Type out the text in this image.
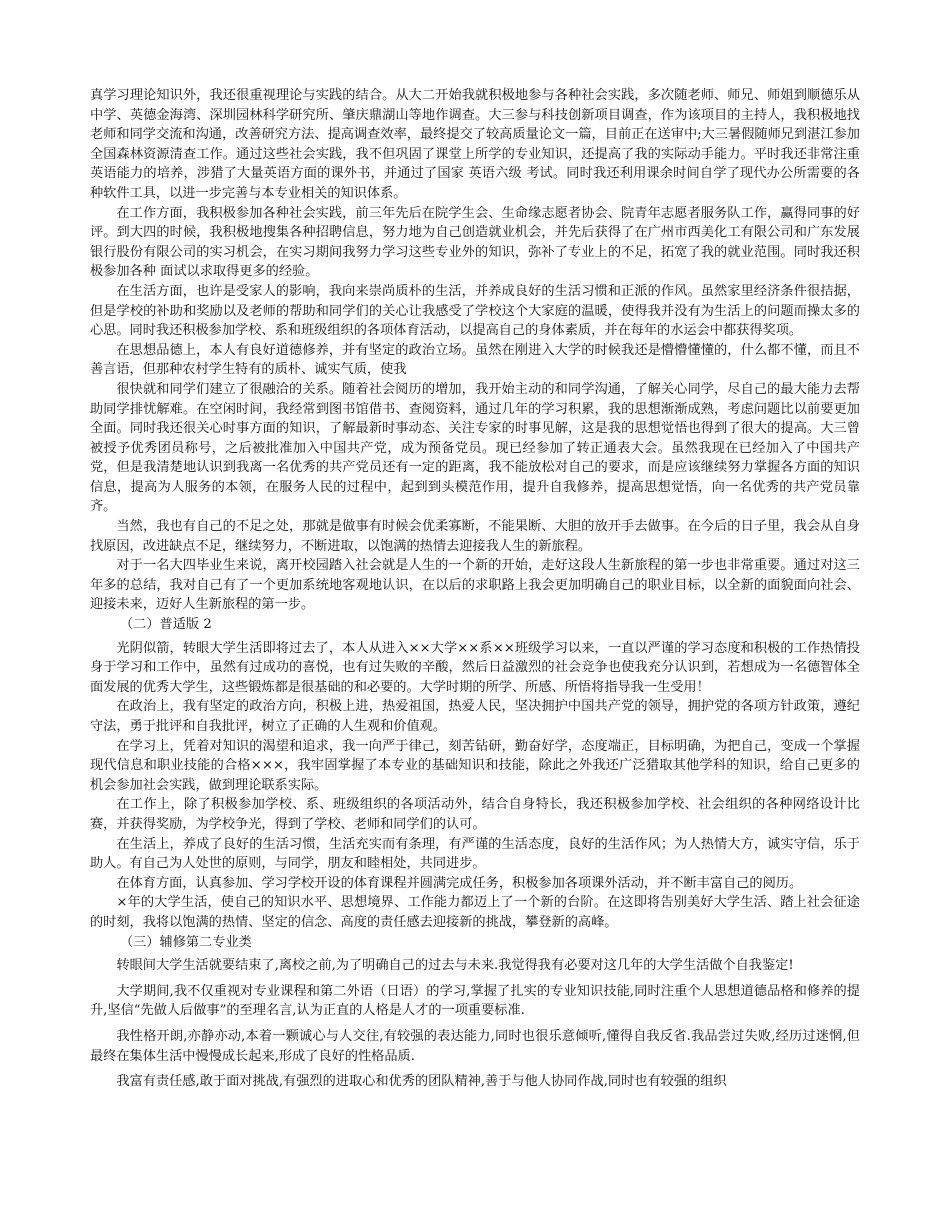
真学习理论知识外，我还很重视理论与实践的结合。从大二开始我就积极地参与各种社会实践，多次随老师、师兄、师姐到顺德乐从中学、英德金海湾、深圳园林科学研究所、肇庆鼎湖山等地作调查。大三参与科技创新项目调查，作为该项目的主持人，我积极地找老师和同学交流和沟通，改善研究方法、提高调查效率，最终提交了较高质量论文一篇，目前正在送审中;大三暑假随师兄到湛江参加全国森林资源清查工作。通过这些社会实践，我不但巩固了课堂上所学的专业知识，还提高了我的实际动手能力。平时我还非常注重 英语能力的培养，涉猎了大量英语方面的课外书，并通过了国家 英语六级 考试。同时我还利用课余时间自学了现代办公所需要的各种软件工具，以进一步完善与本专业相关的知识体系。

在工作方面，我积极参加各种社会实践，前三年先后在院学生会、生命缘志愿者协会、院青年志愿者服务队工作，赢得同事的好评。到大四的时候，我积极地搜集各种招聘信息，努力地为自己创造就业机会，并先后获得了在广州市西美化工有限公司和广东发展银行股份有限公司的实习机会，在实习期间我努力学习这些专业外的知识，弥补了专业上的不足，拓宽了我的就业范围。同时我还积极参加各种 面试以求取得更多的经验。

在生活方面，也许是受家人的影响，我向来崇尚质朴的生活，并养成良好的生活习惯和正派的作风。虽然家里经济条件很拮据，但是学校的补助和奖励以及老师的帮助和同学们的关心让我感受了学校这个大家庭的温暖，使得我并没有为生活上的问题而操太多的心思。同时我还积极参加学校、系和班级组织的各项体育活动，以提高自己的身体素质，并在每年的水运会中都获得奖项。

在思想品德上，本人有良好道德修养，并有坚定的政治立场。虽然在刚进入大学的时候我还是懵懵懂懂的，什么都不懂，而且不善言语，但那种农村学生特有的质朴、诚实气质，使我

很快就和同学们建立了很融洽的关系。随着社会阅历的增加，我开始主动的和同学沟通，了解关心同学，尽自己的最大能力去帮助同学排忧解难。在空闲时间，我经常到图书馆借书、查阅资料，通过几年的学习积累，我的思想渐渐成熟，考虑问题比以前要更加全面。同时我还很关心时事方面的知识，了解最新时事动态、关注专家的时事见解，这是我的思想觉悟也得到了很大的提高。大三曾被授予优秀团员称号，之后被批准加入中国共产党，成为预备党员。现已经参加了转正通表大会。虽然我现在已经加入了中国共产党，但是我清楚地认识到我离一名优秀的共产党员还有一定的距离，我不能放松对自己的要求，而是应该继续努力掌握各方面的知识信息，提高为人服务的本领，在服务人民的过程中，起到到头模范作用，提升自我修养，提高思想觉悟，向一名优秀的共产党员靠齐。

当然，我也有自己的不足之处，那就是做事有时候会优柔寡断，不能果断、大胆的放开手去做事。在今后的日子里，我会从自身找原因，改进缺点不足，继续努力，不断进取，以饱满的热情去迎接我人生的新旅程。

对于一名大四毕业生来说，离开校园踏入社会就是人生的一个新的开始，走好这段人生新旅程的第一步也非常重要。通过对这三年多的总结，我对自己有了一个更加系统地客观地认识，在以后的求职路上我会更加明确自己的职业目标，以全新的面貌面向社会、迎接未来，迈好人生新旅程的第一步。

（二）普适版 2

光阴似箭，转眼大学生活即将过去了，本人从进入××大学××系××班级学习以来，一直以严谨的学习态度和积极的工作热情投身于学习和工作中，虽然有过成功的喜悦，也有过失败的辛酸，然后日益激烈的社会竞争也使我充分认识到，若想成为一名德智体全面发展的优秀大学生，这些锻炼都是很基础的和必要的。大学时期的所学、所感、所悟将指导我一生受用！

在政治上，我有坚定的政治方向，积极上进，热爱祖国，热爱人民，坚决拥护中国共产党的领导，拥护党的各项方针政策，遵纪守法，勇于批评和自我批评，树立了正确的人生观和价值观。

在学习上，凭着对知识的渴望和追求，我一向严于律己，刻苦钻研，勤奋好学，态度端正，目标明确，为把自己，变成一个掌握现代信息和职业技能的合格×××，我牢固掌握了本专业的基础知识和技能，除此之外我还广泛猎取其他学科的知识，给自己更多的机会参加社会实践，做到理论联系实际。

在工作上，除了积极参加学校、系、班级组织的各项活动外，结合自身特长，我还积极参加学校、社会组织的各种网络设计比赛，并获得奖励，为学校争光，得到了学校、老师和同学们的认可。

在生活上，养成了良好的生活习惯，生活充实而有条理，有严谨的生活态度，良好的生活作风；为人热情大方，诚实守信，乐于助人。有自己为人处世的原则，与同学，朋友和睦相处，共同进步。

在体育方面，认真参加、学习学校开设的体育课程并圆满完成任务，积极参加各项课外活动，并不断丰富自己的阅历。

×年的大学生活，使自己的知识水平、思想境界、工作能力都迈上了一个新的台阶。在这即将告别美好大学生活、踏上社会征途的时刻，我将以饱满的热情、坚定的信念、高度的责任感去迎接新的挑战，攀登新的高峰。

（三）辅修第二专业类

转眼间大学生活就要结束了,离校之前,为了明确自己的过去与未来.我觉得我有必要对这几年的大学生活做个自我鉴定!

大学期间,我不仅重视对专业课程和第二外语（日语）的学习,掌握了扎实的专业知识技能,同时注重个人思想道德品格和修养的提升,坚信“先做人后做事”的至理名言,认为正直的人格是人才的一项重要标准.

我性格开朗,亦静亦动,本着一颗诚心与人交往,有较强的表达能力,同时也很乐意倾听,懂得自我反省.我品尝过失败,经历过迷惘,但最终在集体生活中慢慢成长起来,形成了良好的性格品质.

我富有责任感,敢于面对挑战,有强烈的进取心和优秀的团队精神,善于与他人协同作战,同时也有较强的组织
